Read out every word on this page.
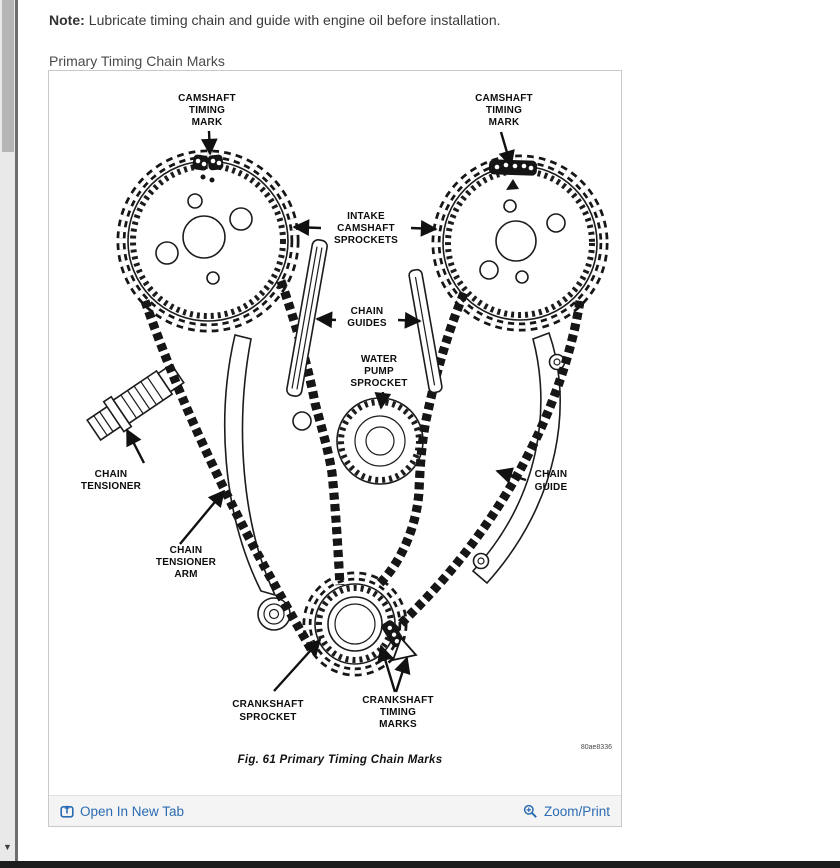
▼
Note: Lubricate timing chain and guide with engine oil before installation.
Primary Timing Chain Marks
CAMSHAFT
TIMING
MARK
CAMSHAFT
TIMING
MARK
INTAKE
CAMSHAFT
SPROCKETS
CHAIN
GUIDES
WATER
PUMP
SPROCKET
CHAIN
TENSIONER
CHAIN
GUIDE
CHAIN
TENSIONER
ARM
CRANKSHAFT
SPROCKET
CRANKSHAFT
TIMING
MARKS
Fig. 61 Primary Timing Chain Marks
80ae8336
Open In New Tab	Zoom/Print
